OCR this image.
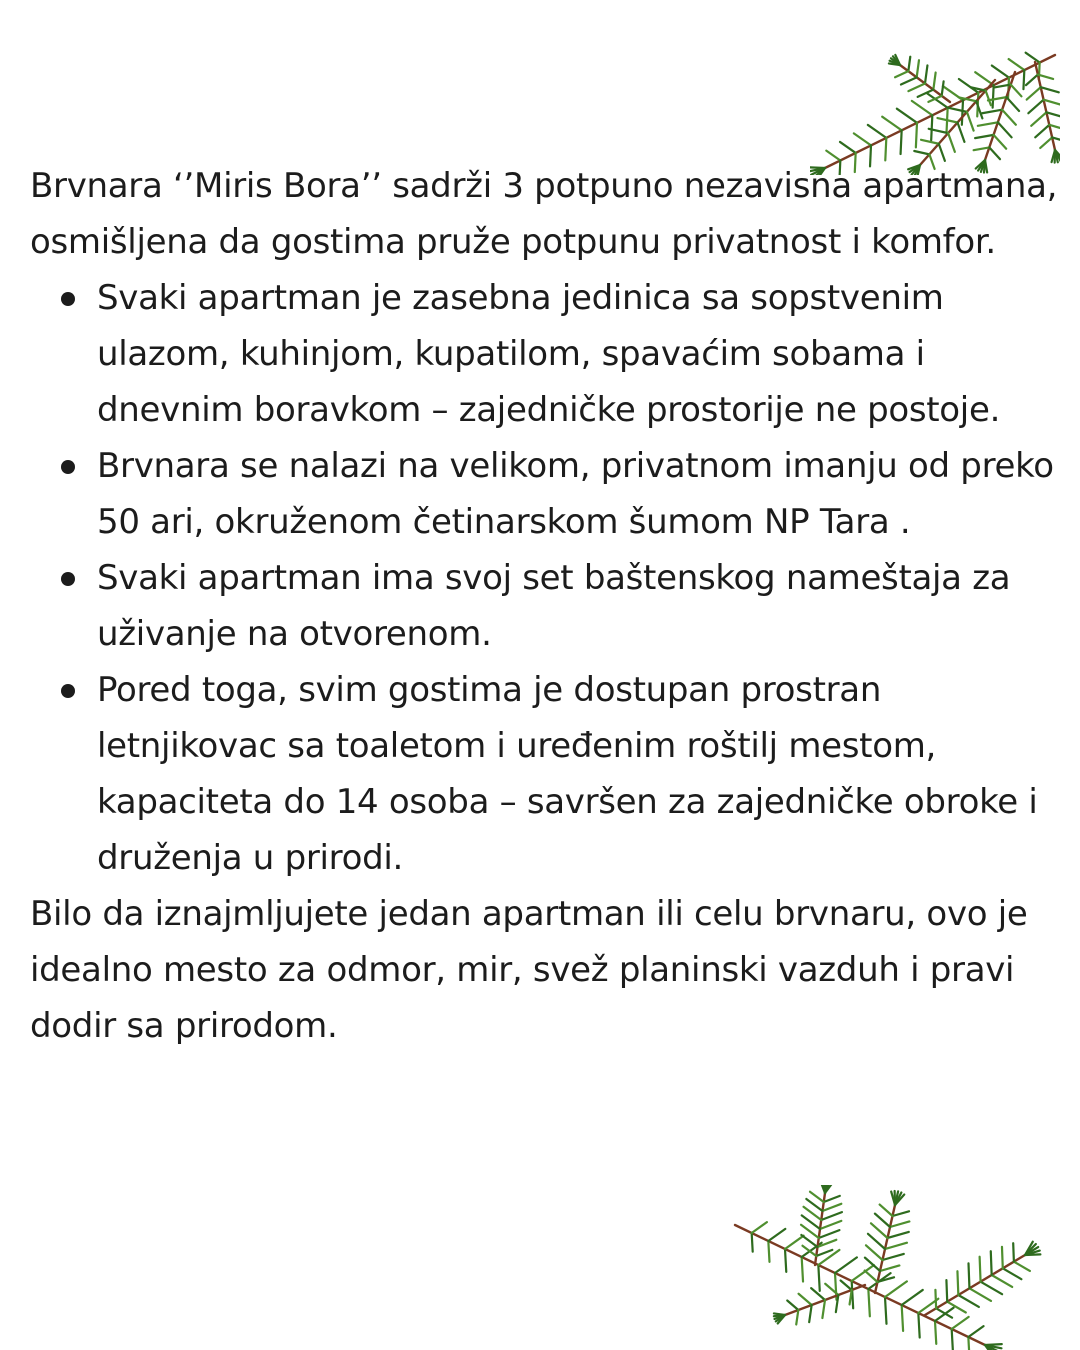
Brvnara ‘’Miris Bora’’ sadrži 3 potpuno nezavisna apartmana, osmišljena da gostima pruže potpunu privatnost i komfor.

Svaki apartman je zasebna jedinica sa sopstvenim ulazom, kuhinjom, kupatilom, spavaćim sobama i dnevnim boravkom – zajedničke prostorije ne postoje.
Brvnara se nalazi na velikom, privatnom imanju od preko 50 ari, okruženom četinarskom šumom NP Tara .
Svaki apartman ima svoj set baštenskog nameštaja za uživanje na otvorenom.
Pored toga, svim gostima je dostupan prostran letnjikovac sa toaletom i uređenim roštilj mestom, kapaciteta do 14 osoba – savršen za zajedničke obroke i druženja u prirodi.

Bilo da iznajmljujete jedan apartman ili celu brvnaru, ovo je idealno mesto za odmor, mir, svež planinski vazduh i pravi dodir sa prirodom.
